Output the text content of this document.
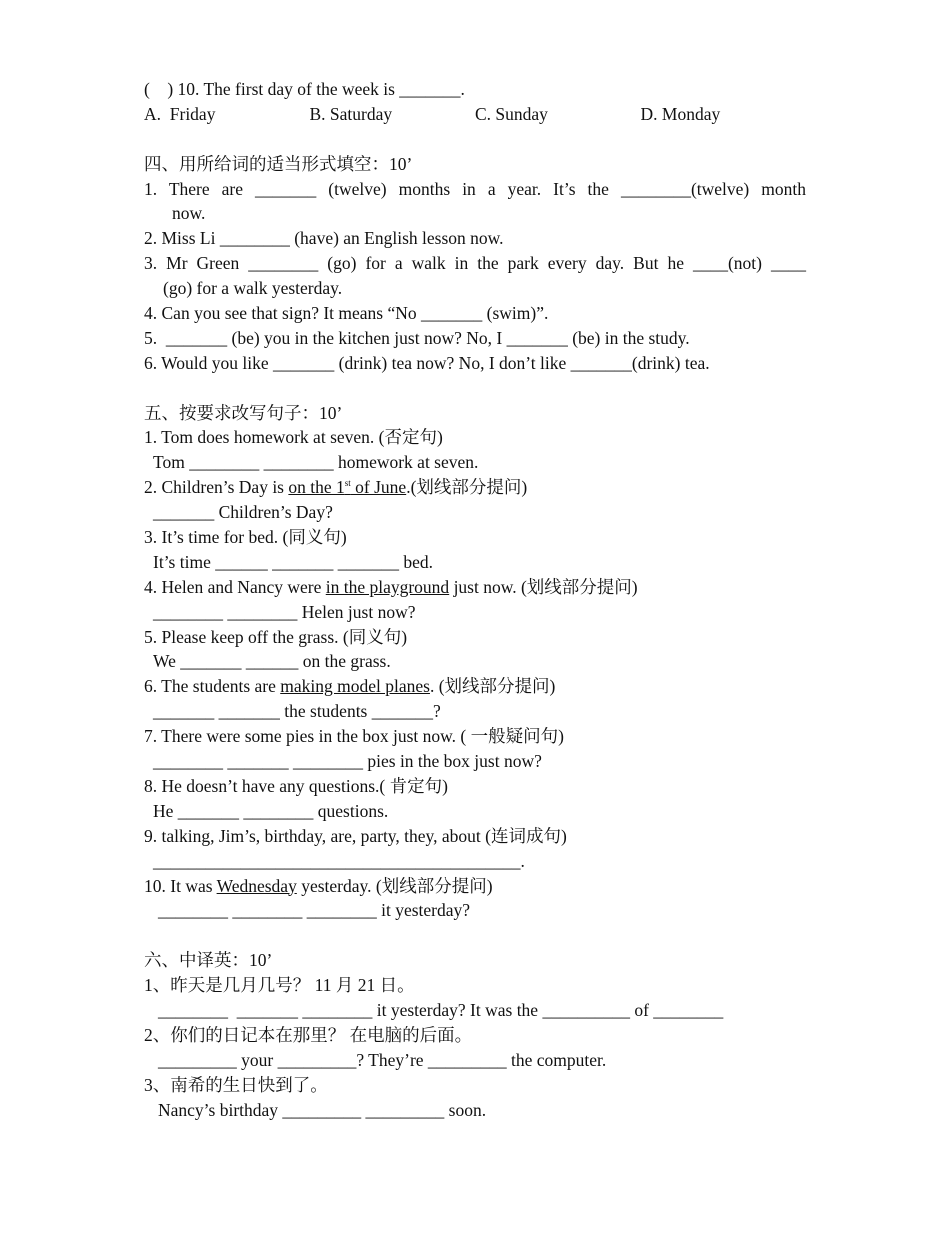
(    ) 10. The first day of the week is _______.
A.  Friday	B. Saturday	C. Sunday	D. Monday
四、用所给词的适当形式填空：10’
1. There are _______ (twelve) months in a year. It’s the ________(twelve) month
now.
2. Miss Li ________ (have) an English lesson now.
3. Mr Green ________ (go) for a walk in the park every day. But he ____(not) ____
(go) for a walk yesterday.
4. Can you see that sign? It means “No _______ (swim)”.
5.  _______ (be) you in the kitchen just now? No, I _______ (be) in the study.
6. Would you like _______ (drink) tea now? No, I don’t like _______(drink) tea.
五、按要求改写句子：10’
1. Tom does homework at seven. (否定句)
Tom ________ ________ homework at seven.
2. Children’s Day is on the 1st of June.(划线部分提问)
_______ Children’s Day?
3. It’s time for bed. (同义句)
It’s time ______ _______ _______ bed.
4. Helen and Nancy were in the playground just now. (划线部分提问)
________ ________ Helen just now?
5. Please keep off the grass. (同义句)
We _______ ______ on the grass.
6. The students are making model planes. (划线部分提问)
_______ _______ the students _______?
7. There were some pies in the box just now. ( 一般疑问句)
________ _______ ________ pies in the box just now?
8. He doesn’t have any questions.( 肯定句)
He _______ ________ questions.
9. talking, Jim’s, birthday, are, party, they, about (连词成句)
__________________________________________.
10. It was Wednesday yesterday. (划线部分提问)
________ ________ ________ it yesterday?
六、中译英：10’
1、昨天是几月几号？ 11 月 21 日。
________  _______ ________ it yesterday? It was the __________ of ________
2、你们的日记本在那里？ 在电脑的后面。
_________ your _________? They’re _________ the computer.
3、南希的生日快到了。
Nancy’s birthday _________ _________ soon.
